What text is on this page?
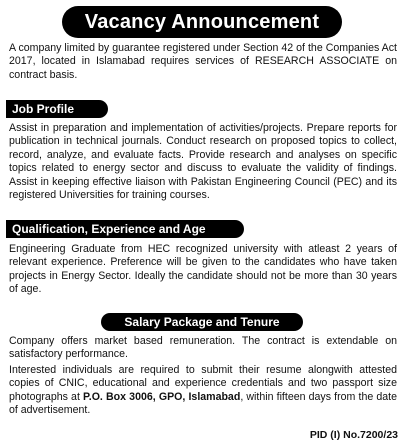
Vacancy Announcement

A company limited by guarantee registered under Section 42 of the Companies Act 2017, located in Islamabad requires services of RESEARCH ASSOCIATE on contract basis.

Job Profile

Assist in preparation and implementation of activities/projects. Prepare reports for publication in technical journals. Conduct research on proposed topics to collect, record, analyze, and evaluate facts. Provide research and analyses on specific topics related to energy sector and discuss to evaluate the validity of findings. Assist in keeping effective liaison with Pakistan Engineering Council (PEC) and its registered Universities for training courses.

Qualification, Experience and Age

Engineering Graduate from HEC recognized university with atleast 2 years of relevant experience. Preference will be given to the candidates who have taken projects in Energy Sector. Ideally the candidate should not be more than 30 years of age.

Salary Package and Tenure

Company offers market based remuneration. The contract is extendable on satisfactory performance.

Interested individuals are required to submit their resume alongwith attested copies of CNIC, educational and experience credentials and two passport size photographs at P.O. Box 3006, GPO, Islamabad, within fifteen days from the date of advertisement.

PID (I) No.7200/23
